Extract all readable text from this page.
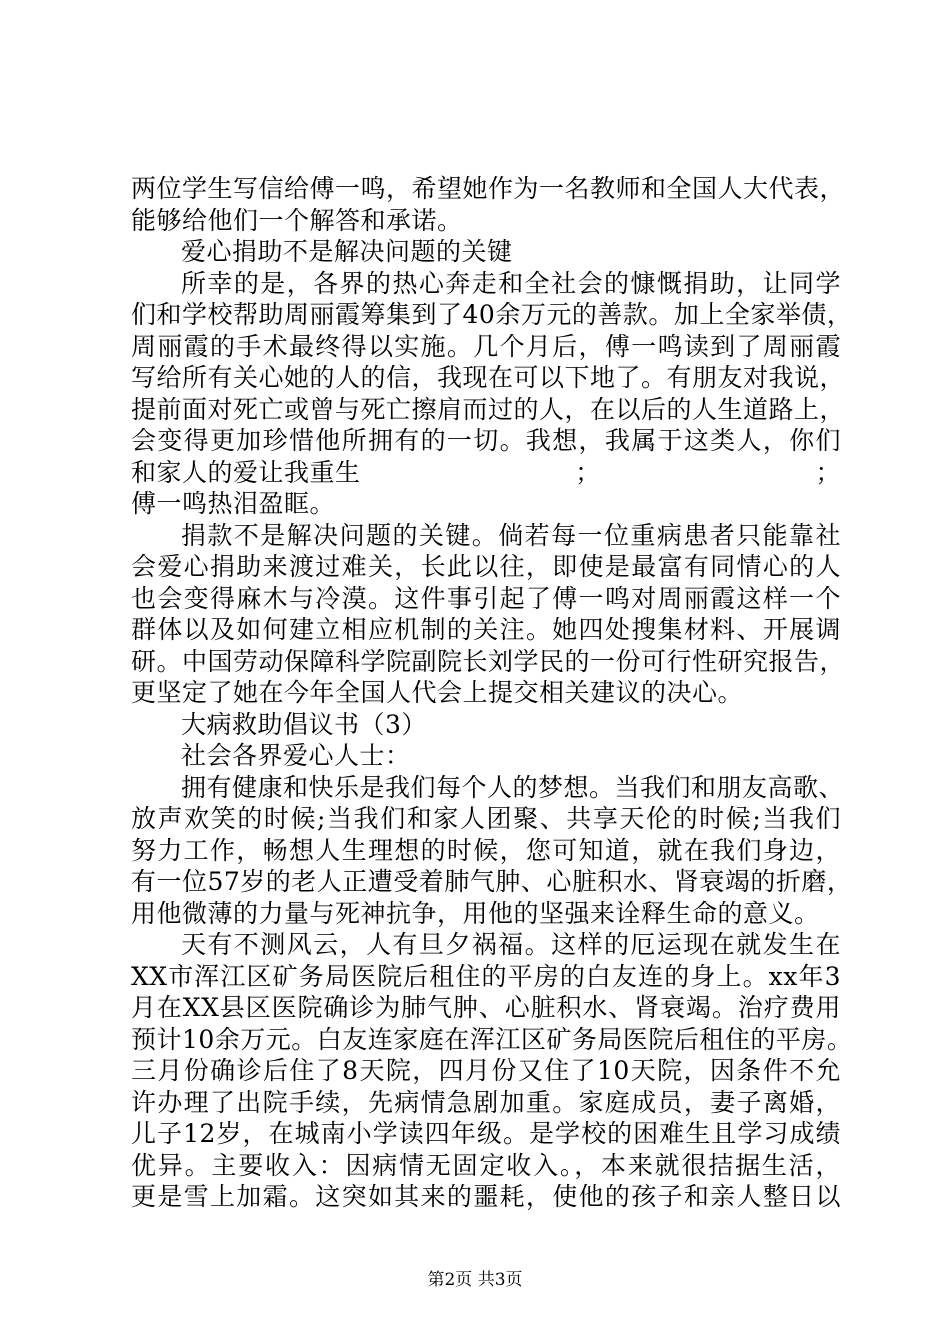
两位学生写信给傅一鸣，希望她作为一名教师和全国人大代表，
能够给他们一个解答和承诺。
爱心捐助不是解决问题的关键
所幸的是，各界的热心奔走和全社会的慷慨捐助，让同学
们和学校帮助周丽霞筹集到了40余万元的善款。加上全家举债，
周丽霞的手术最终得以实施。几个月后，傅一鸣读到了周丽霞
写给所有关心她的人的信，我现在可以下地了。有朋友对我说，
提前面对死亡或曾与死亡擦肩而过的人，在以后的人生道路上，
会变得更加珍惜他所拥有的一切。我想，我属于这类人，你们
和家人的爱让我重生	；	；
傅一鸣热泪盈眶。
捐款不是解决问题的关键。倘若每一位重病患者只能靠社
会爱心捐助来渡过难关，长此以往，即使是最富有同情心的人
也会变得麻木与冷漠。这件事引起了傅一鸣对周丽霞这样一个
群体以及如何建立相应机制的关注。她四处搜集材料、开展调
研。中国劳动保障科学院副院长刘学民的一份可行性研究报告，
更坚定了她在今年全国人代会上提交相关建议的决心。
大病救助倡议书（3）
社会各界爱心人士：
拥有健康和快乐是我们每个人的梦想。当我们和朋友高歌、
放声欢笑的时候;当我们和家人团聚、共享天伦的时候;当我们
努力工作，畅想人生理想的时候，您可知道，就在我们身边，
有一位57岁的老人正遭受着肺气肿、心脏积水、肾衰竭的折磨，
用他微薄的力量与死神抗争，用他的坚强来诠释生命的意义。
天有不测风云，人有旦夕祸福。这样的厄运现在就发生在
XX市浑江区矿务局医院后租住的平房的白友连的身上。xx年3
月在XX县区医院确诊为肺气肿、心脏积水、肾衰竭。治疗费用
预计10余万元。白友连家庭在浑江区矿务局医院后租住的平房。
三月份确诊后住了8天院，四月份又住了10天院，因条件不允
许办理了出院手续，先病情急剧加重。家庭成员，妻子离婚，
儿子12岁，在城南小学读四年级。是学校的困难生且学习成绩
优异。主要收入：因病情无固定收入。，本来就很拮据生活，
更是雪上加霜。这突如其来的噩耗，使他的孩子和亲人整日以
第2页 共3页
